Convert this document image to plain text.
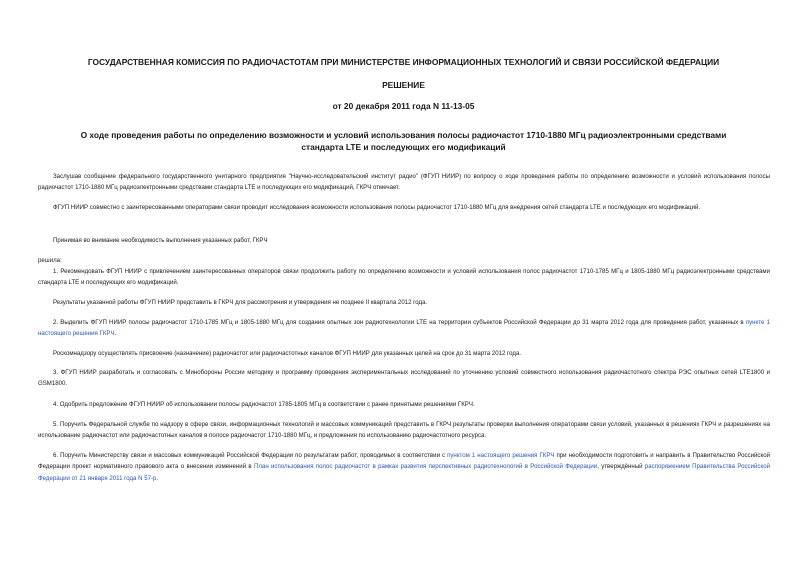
ГОСУДАРСТВЕННАЯ КОМИССИЯ ПО РАДИОЧАСТОТАМ ПРИ МИНИСТЕРСТВЕ ИНФОРМАЦИОННЫХ ТЕХНОЛОГИЙ И СВЯЗИ РОССИЙСКОЙ ФЕДЕРАЦИИ
РЕШЕНИЕ
от 20 декабря 2011 года N 11-13-05
О ходе проведения работы по определению возможности и условий использования полосы радиочастот 1710-1880 МГц радиоэлектронными средствами стандарта LTE и последующих его модификаций
Заслушав сообщение федерального государственного унитарного предприятия "Научно-исследовательский институт радио" (ФГУП НИИР) по вопросу о ходе проведения работы по определению возможности и условий использования полосы радиочастот 1710-1880 МГц радиоэлектронными средствами стандарта LTE и последующих его модификаций, ГКРЧ отмечает.
ФГУП НИИР совместно с заинтересованными операторами связи проводит исследования возможности использования полосы радиочастот 1710-1880 МГц для внедрения сетей стандарта LTE и последующих его модификаций.
Принимая во внимание необходимость выполнения указанных работ, ГКРЧ
решила:
1. Рекомендовать ФГУП НИИР с привлечением заинтересованных операторов связи продолжить работу по определению возможности и условий использования полос радиочастот 1710-1785 МГц и 1805-1880 МГц радиоэлектронными средствами стандарта LTE и последующих его модификаций.
Результаты указанной работы ФГУП НИИР представить в ГКРЧ для рассмотрения и утверждения не позднее II квартала 2012 года.
2. Выделить ФГУП НИИР полосы радиочастот 1710-1785 МГц и 1805-1880 МГц для создания опытных зон радиотехнологии LTE на территории субъектов Российской Федерации до 31 марта 2012 года для проведения работ, указанных в пункте 1 настоящего решения ГКРЧ.
Роскомнадзору осуществлять присвоение (назначение) радиочастот или радиочастотных каналов ФГУП НИИР для указанных целей на срок до 31 марта 2012 года.
3. ФГУП НИИР разработать и согласовать с Минобороны России методику и программу проведения экспериментальных исследований по уточнению условий совместного использования радиочастотного спектра РЭС опытных сетей LTE1800 и GSM1800.
4. Одобрить предложение ФГУП НИИР об использовании полосы радиочастот 1785-1805 МГц в соответствии с ранее принятыми решениями ГКРЧ.
5. Поручить Федеральной службе по надзору в сфере связи, информационных технологий и массовых коммуникаций представить в ГКРЧ результаты проверки выполнения операторами связи условий, указанных в решениях ГКРЧ и разрешениях на использование радиочастот или радиочастотных каналов в полосе радиочастот 1710-1880 МГц, и предложения по использованию радиочастотного ресурса.
6. Поручить Министерству связи и массовых коммуникаций Российской Федерации по результатам работ, проводимых в соответствии с пунктом 1 настоящего решения ГКРЧ при необходимости подготовить и направить в Правительство Российской Федерации проект нормативного правового акта о внесении изменений в План использования полос радиочастот в рамках развития перспективных радиотехнологий в Российской Федерации, утверждённый распоряжением Правительства Российской Федерации от 21 января 2011 года N 57-р.
